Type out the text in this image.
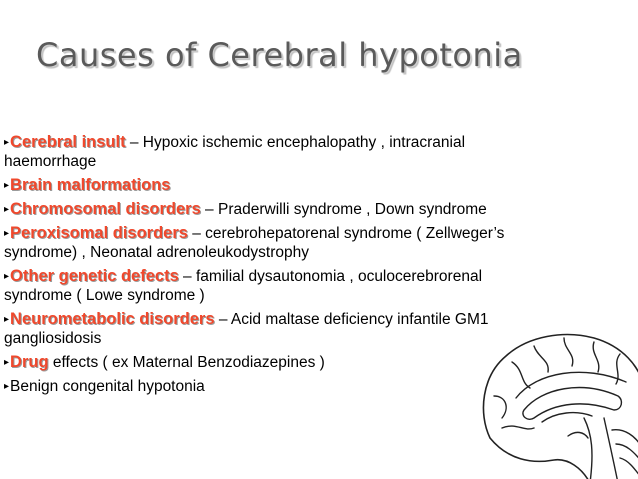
Causes of Cerebral hypotonia
▸Cerebral insult – Hypoxic ischemic encephalopathy , intracranial haemorrhage
▸Brain malformations
▸Chromosomal disorders – Praderwilli syndrome , Down syndrome
▸Peroxisomal disorders – cerebrohepatorenal syndrome ( Zellweger’s syndrome) , Neonatal adrenoleukodystrophy
▸Other genetic defects – familial dysautonomia , oculocerebrorenal syndrome ( Lowe syndrome )
▸Neurometabolic disorders – Acid maltase deficiency infantile GM1 gangliosidosis
▸Drug effects ( ex Maternal Benzodiazepines )
▸Benign congenital hypotonia
